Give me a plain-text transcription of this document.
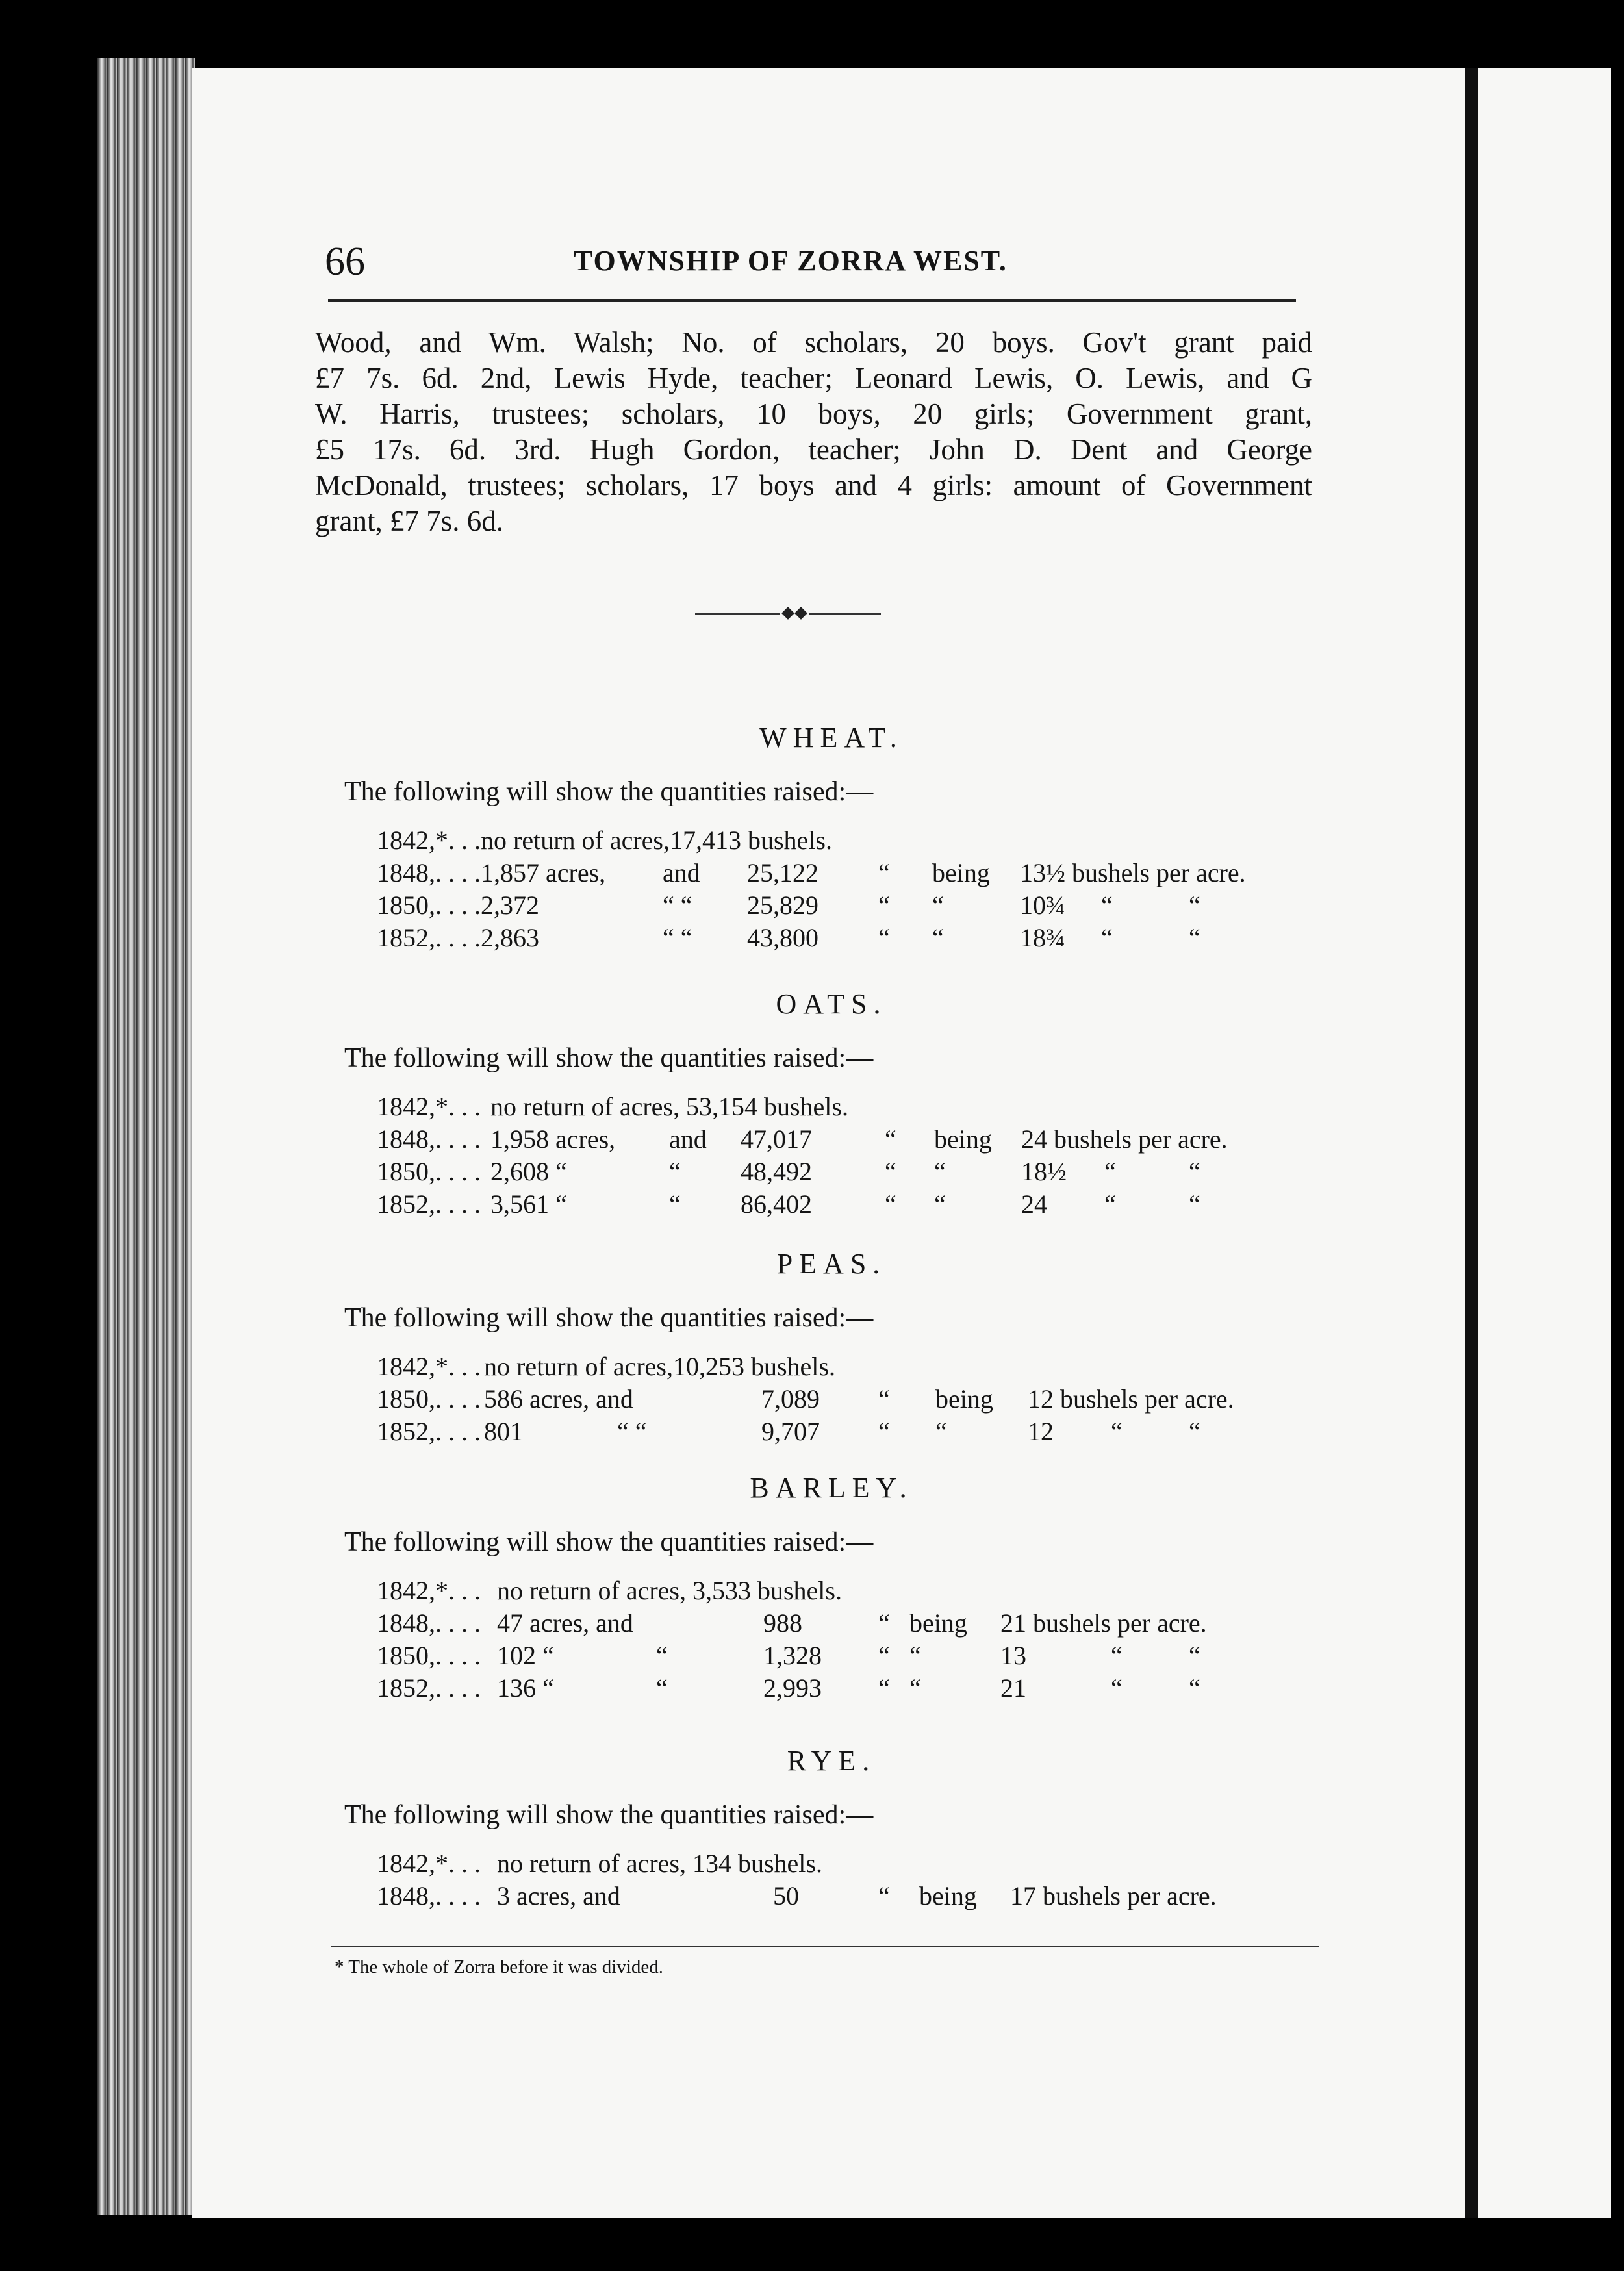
66	TOWNSHIP OF ZORRA WEST.
Wood, and Wm. Walsh; No. of scholars, 20 boys. Gov't grant paid
£7 7s. 6d. 2nd, Lewis Hyde, teacher; Leonard Lewis, O. Lewis, and G
W. Harris, trustees; scholars, 10 boys, 20 girls; Government grant,
£5 17s. 6d. 3rd. Hugh Gordon, teacher; John D. Dent and George
McDonald, trustees; scholars, 17 boys and 4 girls: amount of Government
grant, £7 7s. 6d.
WHEAT.
The following will show the quantities raised:—
1842,*. . . no return of acres,17,413 bushels.
1848,. . . . 1,857 acres, and 25,122 “ being 13½ bushels per acre.
1850,. . . . 2,372	“ “ 25,829 “ “	10¾ “	“
1852,. . . . 2,863	“ “ 43,800 “ “	18¾ “	“
OATS.
The following will show the quantities raised:—
1842,*. . . no return of acres, 53,154 bushels.
1848,. . . . 1,958 acres, and 47,017	“ being 24 bushels per acre.
1850,. . . . 2,608 “	“ 48,492	“ “	18½ “	“
1852,. . . . 3,561 “	“ 86,402	“ “	24 “	“
PEAS.
The following will show the quantities raised:—
1842,*. . . no return of acres,10,253 bushels.
1850,. . . . 586 acres, and	7,089 “ being 12 bushels per acre.
1852,. . . . 801	“ “	9,707 “ “	12 “	“
BARLEY.
The following will show the quantities raised:—
1842,*. . . no return of acres, 3,533 bushels.
1848,. . . . 47 acres, and	988	“ being 21 bushels per acre.
1850,. . . . 102 “	“	1,328 “ “	13	“	“
1852,. . . . 136 “	“	2,993 “ “	21	“	“
RYE.
The following will show the quantities raised:—
1842,*. . . no return of acres, 134 bushels.
1848,. . . . 3 acres, and	50	“ being 17 bushels per acre.
* The whole of Zorra before it was divided.
